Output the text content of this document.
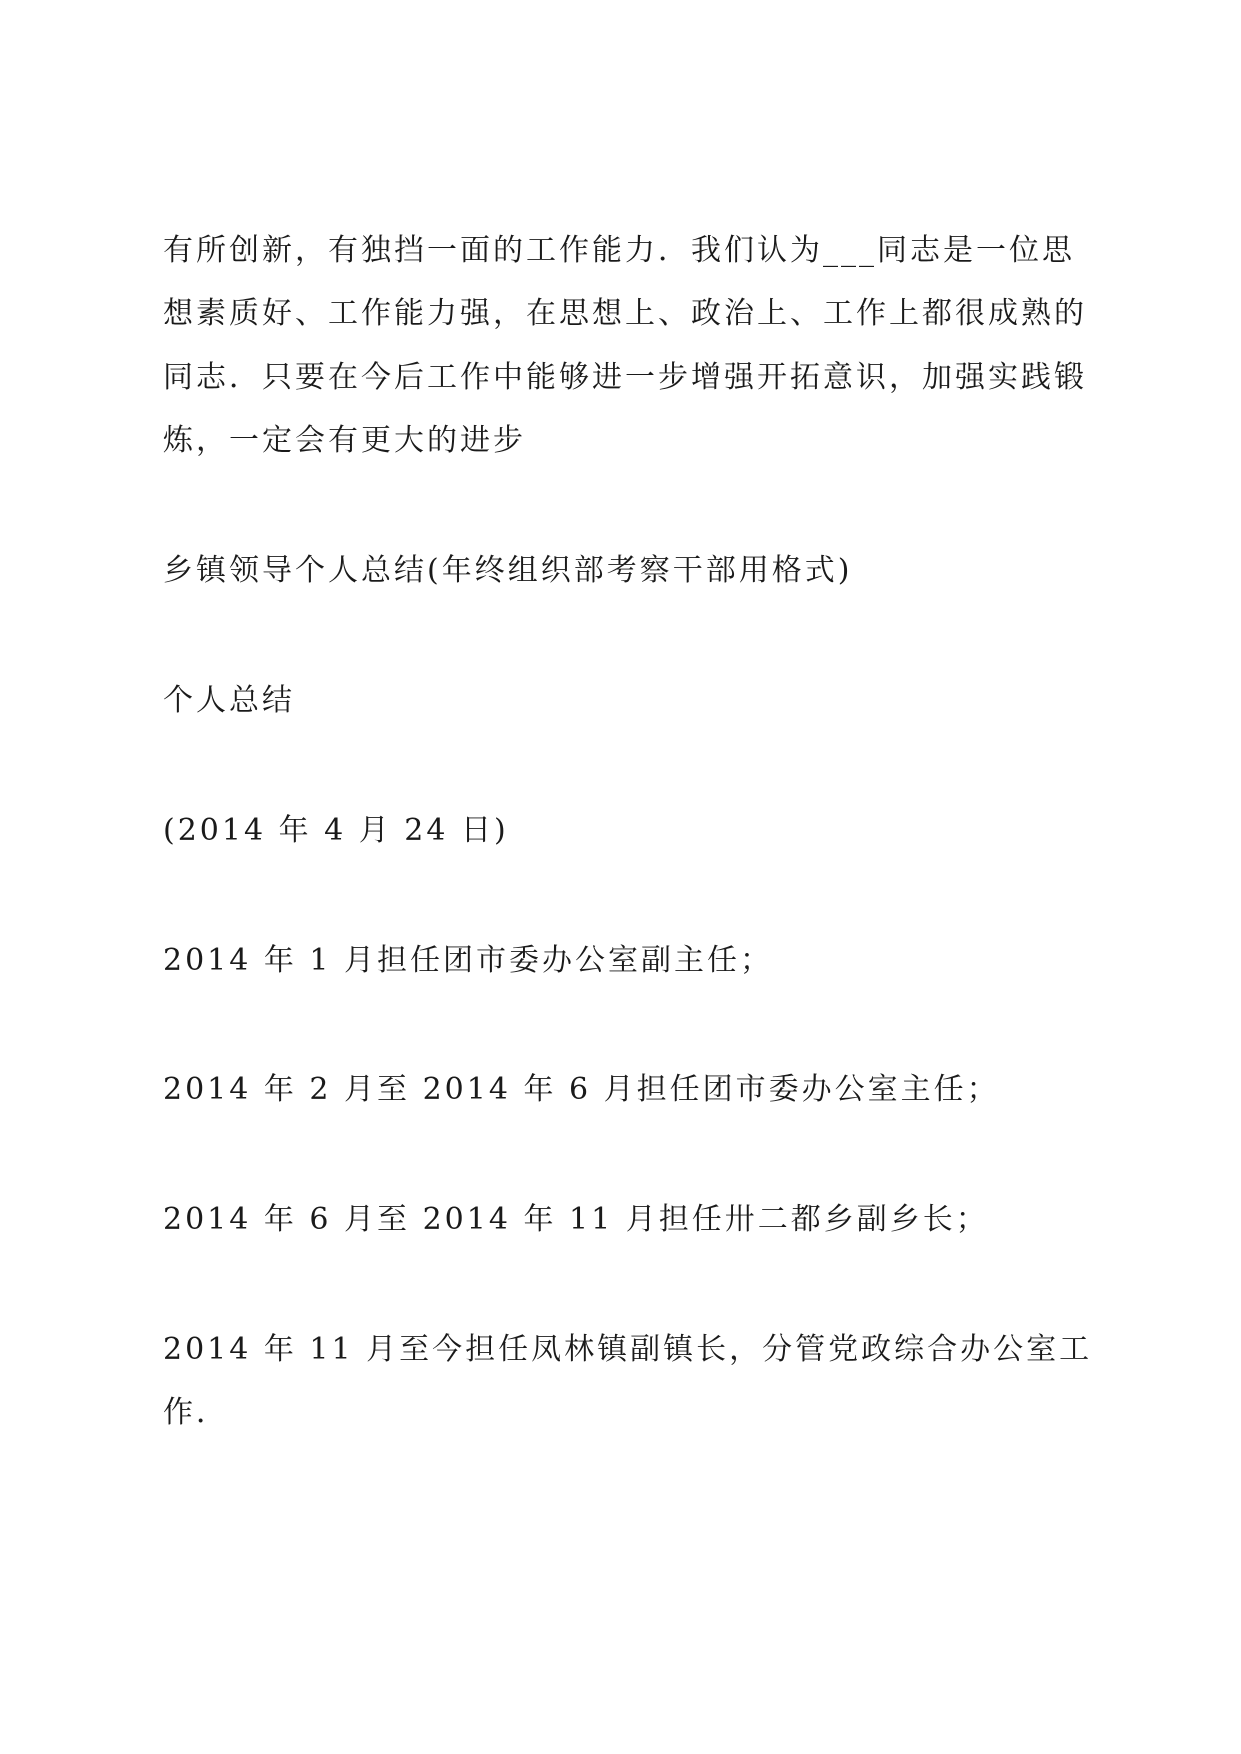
有所创新，有独挡一面的工作能力．我们认为___同志是一位思
想素质好、工作能力强，在思想上、政治上、工作上都很成熟的
同志．只要在今后工作中能够进一步增强开拓意识，加强实践锻
炼，一定会有更大的进步
乡镇领导个人总结(年终组织部考察干部用格式)
个人总结
(2014 年 4 月 24 日)
2014 年 1 月担任团市委办公室副主任；
2014 年 2 月至 2014 年 6 月担任团市委办公室主任；
2014 年 6 月至 2014 年 11 月担任卅二都乡副乡长；
2014 年 11 月至今担任凤林镇副镇长，分管党政综合办公室工
作．
